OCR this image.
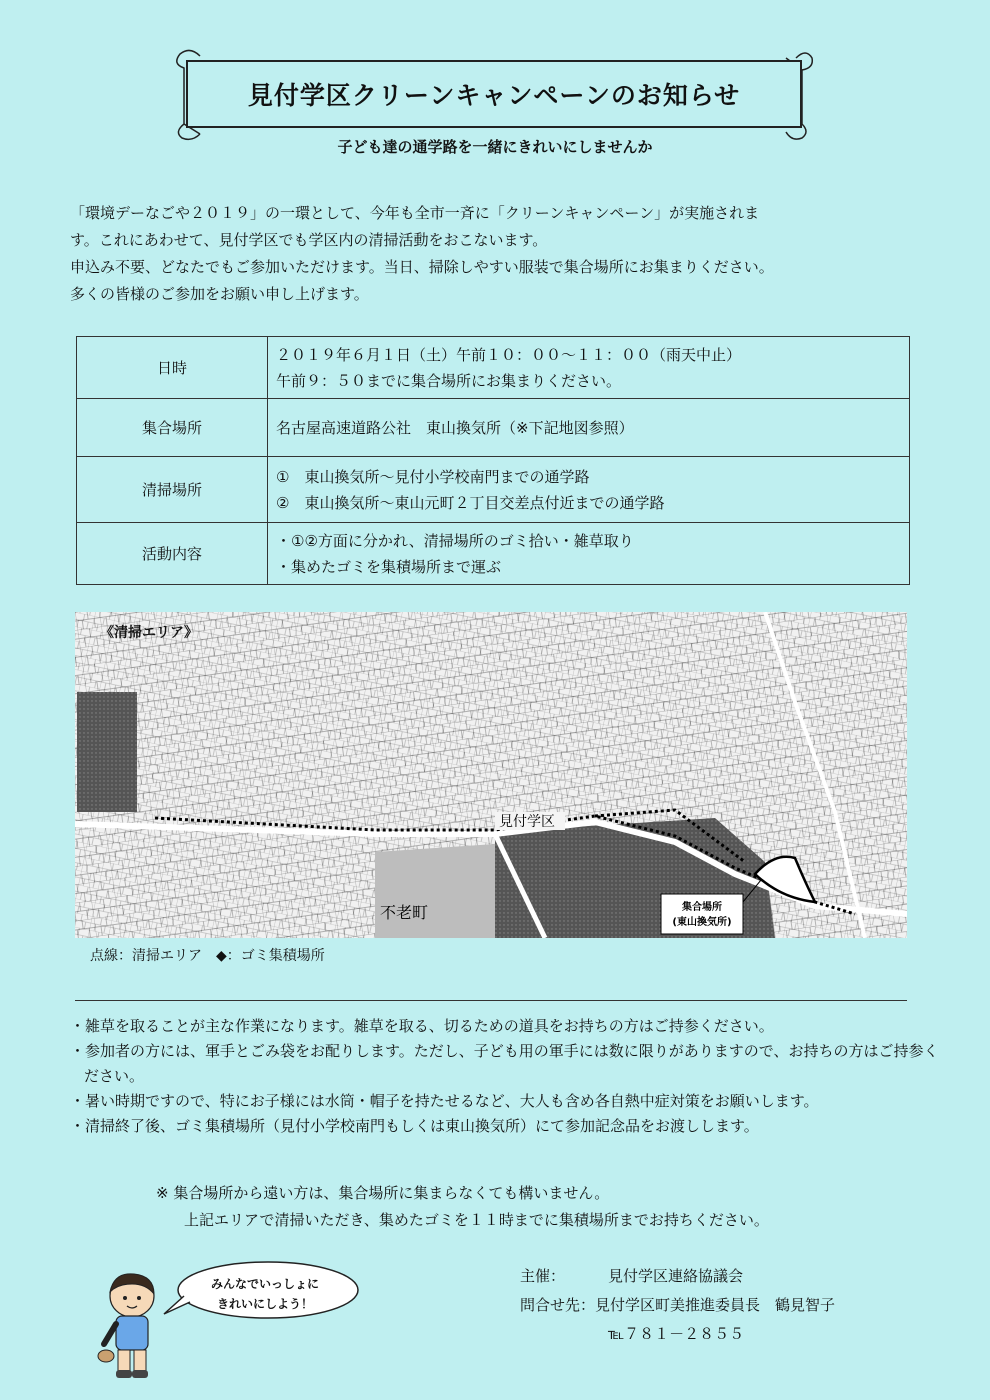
見付学区クリーンキャンペーンのお知らせ
子ども達の通学路を一緒にきれいにしませんか

「環境デーなごや２０１９」の一環として、今年も全市一斉に「クリーンキャンペーン」が実施されま

す。これにあわせて、見付学区でも学区内の清掃活動をおこないます。

申込み不要、どなたでもご参加いただけます。当日、掃除しやすい服装で集合場所にお集まりください。

多くの皆様のご参加をお願い申し上げます。

日時	２０１９年６月１日（土）午前１０：００～１１：００（雨天中止）
午前９：５０までに集合場所にお集まりください。

集合場所	名古屋高速道路公社　東山換気所（※下記地図参照）

清掃場所	①　東山換気所～見付小学校南門までの通学路
②　東山換気所～東山元町２丁目交差点付近までの通学路

活動内容	・①②方面に分かれ、清掃場所のゴミ拾い・雑草取り
・集めたゴミを集積場所まで運ぶ
見付学区
不老町	集合場所
(東山換気所)
《清掃エリア》
点線：清掃エリア　◆：ゴミ集積場所
・雑草を取ることが主な作業になります。雑草を取る、切るための道具をお持ちの方はご持参ください。
・参加者の方には、軍手とごみ袋をお配りします。ただし、子ども用の軍手には数に限りがありますので、お持ちの方はご持参ください。
・暑い時期ですので、特にお子様には水筒・帽子を持たせるなど、大人も含め各自熱中症対策をお願いします。
・清掃終了後、ゴミ集積場所（見付小学校南門もしくは東山換気所）にて参加記念品をお渡しします。
※ 集合場所から遠い方は、集合場所に集まらなくても構いません。
上記エリアで清掃いただき、集めたゴミを１１時までに集積場所までお持ちください。
みんなでいっしょに
きれいにしよう！
主催：	見付学区連絡協議会
問合せ先：見付学区町美推進委員長　鶴見智子
℡７８１－２８５５
